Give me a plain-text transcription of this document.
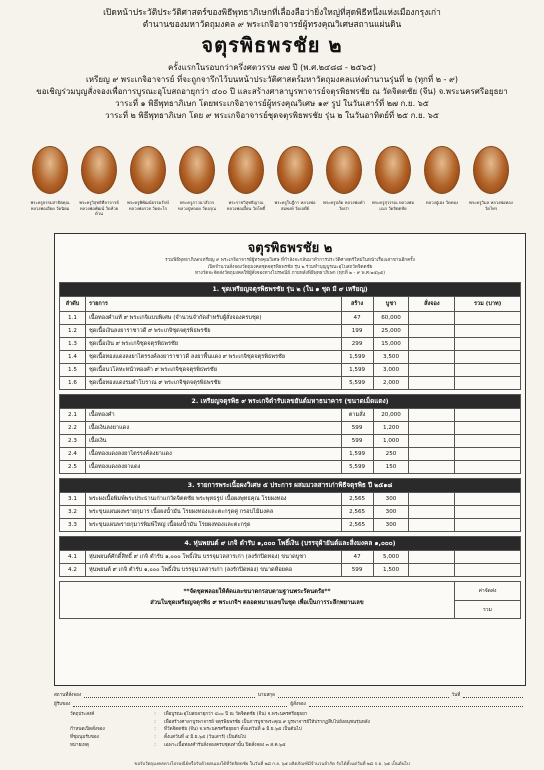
เปิดหน้าประวัติประวัติศาสตร์ของพิธีพุทธาภิเษกที่เลื่องลือว่ายิ่งใหญ่ที่สุดพิธีหนึ่งแห่งเมืองกรุงเก่า
ตำนานของมหาวัตถุมงคล ๙ พระเกจิอาจารย์ผู้ทรงคุณวิเศษสถานแผ่นดิน
จตุรพิธพรชัย ๒
ครั้งแรกในรอบกว่าครึ่งศตวรรษ ๗๗ ปี (พ.ศ.๒๔๘๘ - ๒๕๖๕)
เหรียญ ๙ พระเกจิอาจารย์ ที่จะถูกจารึกไว้บนหน้าประวัติศาสตร์มหาวัตถุมงคลแห่งตำนานรุ่นที่ ๒ (ทุกที่ ๒ - ๙)
ขอเชิญร่วมบุญสั่งจองเพื่อการบูรณะอุโบสถอายุกว่า ๔๐๐ ปี และสร้างศาลาบูรพาจารย์จตุรพิธพรชัย ณ วัดจิตตชัย (จีน) จ.พระนครศรีอยุธยา
วาระที่ ๑ พิธีพุทธาภิเษก โดยพระเกจิอาจารย์ผู้ทรงคุณวิเศษ ๑๙ รูป ในวันเสาร์ที่ ๒๗ ก.ย. ๖๕
วาระที่ ๒ พิธีพุทธาภิเษก โดย ๙ พระเกจิอาจารย์ชุดจตุรพิธพรชัย รุ่น ๒ ในวันอาทิตย์ที่ ๒๕ ก.ย. ๖๕
พระครูธรรมสาธิตคุณ หลวงพ่อเอียด วัดนิยม
พระครูวิสุทธิศีลาจารย์ หลวงพ่อพัฒน์ วัดห้วยด้วน
พระครูพิพัฒน์ธรรมรักษ์ หลวงพ่อรวย วัดตะโก
พระครูภาวนาสังวร หลวงปู่หลอด วัดอรุณ
พระราชวิสุทธิญาณ หลวงพ่อเมี้ยน วัดโพธิ์
พระครูใบฎีกา หลวงพ่อสมพงษ์ วัดเจดีย์
พระครูปลัด หลวงพ่อคำ วัดป่า
พระครูสุวรรณ หลวงพ่อเณร วัดจิตตชัย
หลวงปู่เฮง วัดทอง	พระครูวิมล หลวงพ่อทอง วัดไทร
จตุรพิธพรชัย ๒
รวมพิธีพุทธาภิเษกเหรียญ ๙ พระเกจิอาจารย์ผู้ทรงคุณวิเศษ ที่กำลังจะกลับมาทำการประวัติศาสตร์ใหม่ในหน้าเรื่องเล่าขานอีกครั้ง
เปิดจำนวนสั่งจองวัตถุมงคลชุดจตุรพิธพรชัย รุ่น ๒ ร่วมทำบุญบูรณะอุโบสถวัดจิตตชัย
ทางวัดจะจัดส่งวัตถุมงคลให้ผู้สั่งจองทางไปรษณีย์ ภายหลังพิธีพุทธาภิเษก (ทุกที่ ๒ - ๙ พ.ศ.๒๕๖๕)
1. ชุดเหรียญจตุรพิธพรชัย รุ่น ๒ (ใน ๑ ชุด มี ๙ เหรียญ)					
ลำดับ	รายการ	สร้าง	บูชา	สั่งจอง	รวม (บาท)
1.1	เนื้อทองคำแท้ ๙ พระเกจิแบบพิเศษ (จำนวนจำกัดสำหรับผู้สั่งจองครบชุด)	47	60,000		
1.2	ชุดเนื้อเงินลงยาราชาวดี ๙ พระเกจิชุดจตุรพิธพรชัย	199	25,000		
1.3	ชุดเนื้อเงิน ๙ พระเกจิชุดจตุรพิธพรชัย	299	15,000		
1.4	ชุดเนื้อทองแดงลงยาไตรรงค์ลงยาราชาวดี ลงยาพื้นแดง ๙ พระเกจิชุดจตุรพิธพรชัย	1,599	3,500		
1.5	ชุดเนื้อนวโลหะหน้าทองคำ ๙ พระเกจิชุดจตุรพิธพรชัย	1,599	3,000		
1.6	ชุดเนื้อทองแดงรมดำโบราณ ๙ พระเกจิชุดจตุรพิธพรชัย	5,599	2,000		

2. เหรียญจตุรพิธ ๙ พระเกจิตำรับเลขยันต์มหาธนาคาร (ขนาดเม็ดแตง)					
2.1	เนื้อทองคำ	ตามสั่ง	20,000		
2.2	เนื้อเงินลงยาแดง	599	1,200		
2.3	เนื้อเงิน	599	1,000		
2.4	เนื้อทองแดงลงยาไตรรงค์ลงยาแดง	1,599	250		
2.5	เนื้อทองแดงลงยาแดง	5,599	150		

3. รายการพระเนื้อผงวิเศษ ๕ ประการ ผสมมวลสารเก่าพิธีจตุรพิธ ปี ๒๕๑๘					
3.1	พระผงเนื้อพิมพ์พระประธานเก่าแก่วัดจิตตชัย พระพุทธรูป เนื้อผงพุทธคุณ โรยผงทอง	2,565	300		
3.2	พระขุนแผนผงพรายกุมาร เนื้อผงน้ำมัน โรยผงทองและตะกรุดคู่ กรอบไม้มงคล	2,565	300		
3.3	พระขุนแผนพรายกุมารพิมพ์ใหญ่ เนื้อผงน้ำมัน โรยผงทองและตะกรุด	2,565	300		

4. หุ่นพยนต์ ๙ เกจิ ตำรับ ๑,๐๐๐ โพธิ์เงิน (บรรจุผ้ายันต์และสิ่งมงคล ๑,๐๐๐)					
4.1	หุ่นพยนต์ศักดิ์สิทธิ์ ๙ เกจิ ตำรับ ๑,๐๐๐ โพธิ์เงิน บรรจุมวลสารเก่า (ลงรักปิดทอง) ขนาดบูชา	47	5,000		
4.2	หุ่นพยนต์ ๙ เกจิ ตำรับ ๑,๐๐๐ โพธิ์เงิน บรรจุมวลสารเก่า (ลงรักปิดทอง) ขนาดห้อยคอ	599	1,500		
**จัดชุดพลอยให้ตัดและขนาดกรอบตามฐานพระรัตนตรัย**
ส่วนในชุดเหรียญจตุรพิธ ๙ พระเกจิฯ ตลอดหมายเลขในชุด เพื่อเป็นการระลึกพยานเลข
ค่าจัดส่ง
รวม
สถานที่สั่งจอง	นามสกุล	วันที่
ผู้รับของ	ผู้สั่งจอง
วัตถุประสงค์	:	เพื่อบูรณะอุโบสถอายุกว่า ๔๐๐ ปี ณ วัดจิตตชัย (จีน) จ.พระนครศรีอยุธยา
:	เพื่อสร้างศาลาบูรพาจารย์ จตุรพิธพรชัย เป็นการบูชาพระคุณ ๙ บูรพาจารย์ให้ปรากฏสืบไปยังอนุชนรุ่นหลัง
กำหนดเปิดสั่งจอง	:	ที่วัดจิตตชัย (จีน) จ.พระนครศรีอยุธยา ตั้งแต่วันที่ ๑ มิ.ย.๖๕ เป็นต้นไป
ที่ชุมนุมรับของ	:	ตั้งแต่วันที่ ๕ มิ.ย.๖๕ (วันเสาร์) เป็นต้นไป
หมายเหตุ	:	เฉพาะเนื้อทองคำรับสั่งจองครบชุดเท่านั้น ปิดสั่งจอง ๓ ส.ค.๖๕
ขอรับวัตถุมงคลทางไปรษณีย์หรือรับด้วยตนเองได้ที่วัดจิตตชัย ในวันที่ ๒๘ ก.ย. ๖๕ ผลิตภัณฑ์มีจำนวนจำกัด รับได้ตั้งแต่วันที่ ๒๘ ก.ย. ๖๕ เป็นต้นไป
